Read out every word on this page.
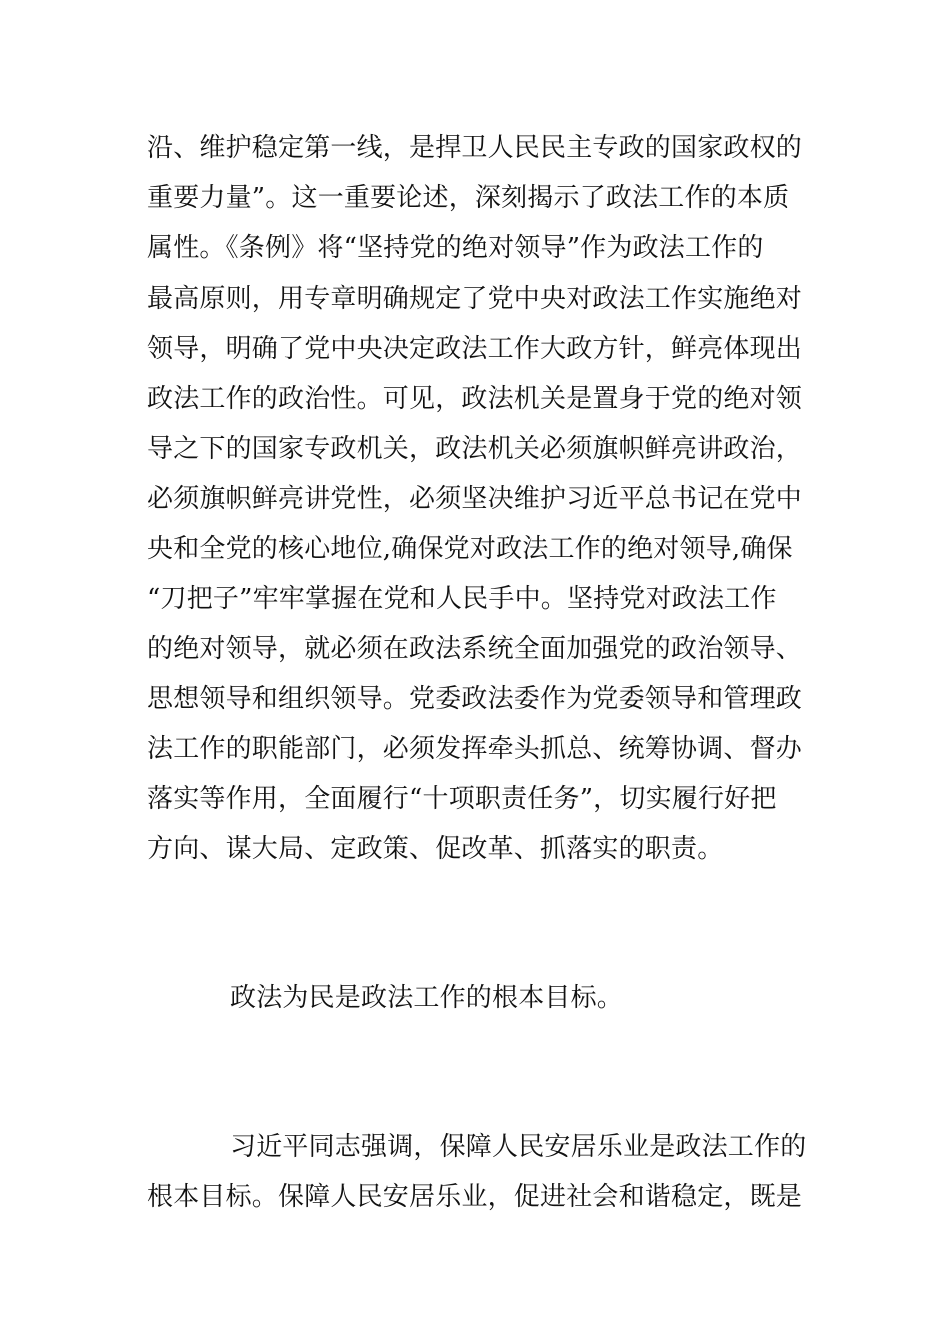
沿、维护稳定第一线，是捍卫人民民主专政的国家政权的
重要力量”。这一重要论述，深刻揭示了政法工作的本质
属性。《条例》将“坚持党的绝对领导”作为政法工作的
最高原则，用专章明确规定了党中央对政法工作实施绝对
领导，明确了党中央决定政法工作大政方针，鲜亮体现出
政法工作的政治性。可见，政法机关是置身于党的绝对领
导之下的国家专政机关，政法机关必须旗帜鲜亮讲政治，
必须旗帜鲜亮讲党性，必须坚决维护习近平总书记在党中
央和全党的核心地位,确保党对政法工作的绝对领导,确保
“刀把子”牢牢掌握在党和人民手中。坚持党对政法工作
的绝对领导，就必须在政法系统全面加强党的政治领导、
思想领导和组织领导。党委政法委作为党委领导和管理政
法工作的职能部门，必须发挥牵头抓总、统筹协调、督办
落实等作用，全面履行“十项职责任务”，切实履行好把
方向、谋大局、定政策、促改革、抓落实的职责。
政法为民是政法工作的根本目标。
习近平同志强调，保障人民安居乐业是政法工作的
根本目标。保障人民安居乐业，促进社会和谐稳定，既是
